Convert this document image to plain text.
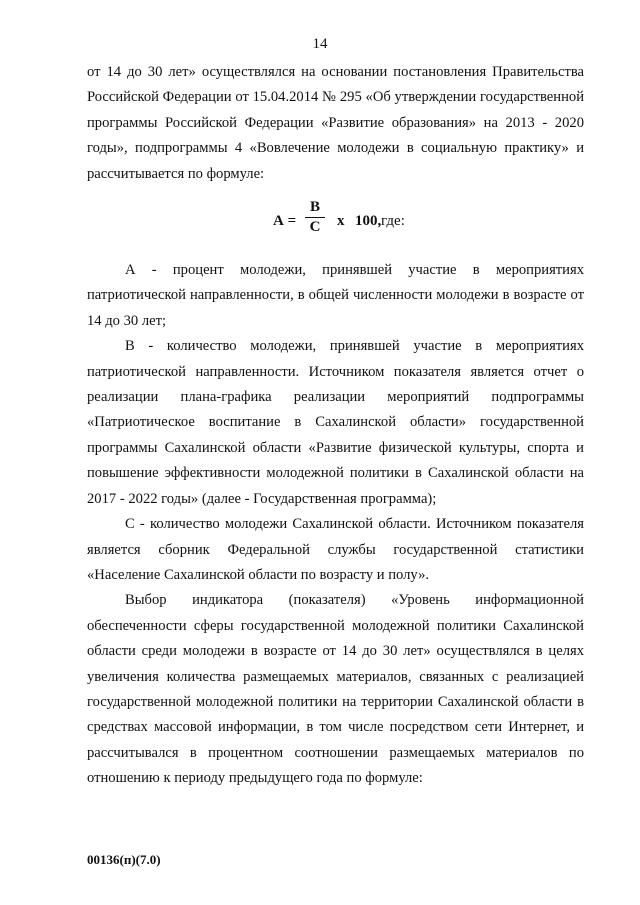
14

от 14 до 30 лет» осуществлялся на основании постановления Правительства Российской Федерации от 15.04.2014 № 295 «Об утверждении государственной программы Российской Федерации «Развитие образования» на 2013 - 2020 годы», подпрограммы 4 «Вовлечение молодежи в социальную практику» и рассчитывается по формуле:

А =
В
С	х 100, где:

А - процент молодежи, принявшей участие в мероприятиях патриотической направленности, в общей численности молодежи в возрасте от 14 до 30 лет;

В - количество молодежи, принявшей участие в мероприятиях патриотической направленности. Источником показателя является отчет о реализации плана-графика реализации мероприятий подпрограммы «Патриотическое воспитание в Сахалинской области» государственной программы Сахалинской области «Развитие физической культуры, спорта и повышение эффективности молодежной политики в Сахалинской области на 2017 - 2022 годы» (далее - Государственная программа);

С - количество молодежи Сахалинской области. Источником показателя является сборник Федеральной службы государственной статистики «Население Сахалинской области по возрасту и полу».

Выбор индикатора (показателя) «Уровень информационной обеспеченности сферы государственной молодежной политики Сахалинской области среди молодежи в возрасте от 14 до 30 лет» осуществлялся в целях увеличения количества размещаемых материалов, связанных с реализацией государственной молодежной политики на территории Сахалинской области в средствах массовой информации, в том числе посредством сети Интернет, и рассчитывался в процентном соотношении размещаемых материалов по отношению к периоду предыдущего года по формуле:

00136(п)(7.0)
